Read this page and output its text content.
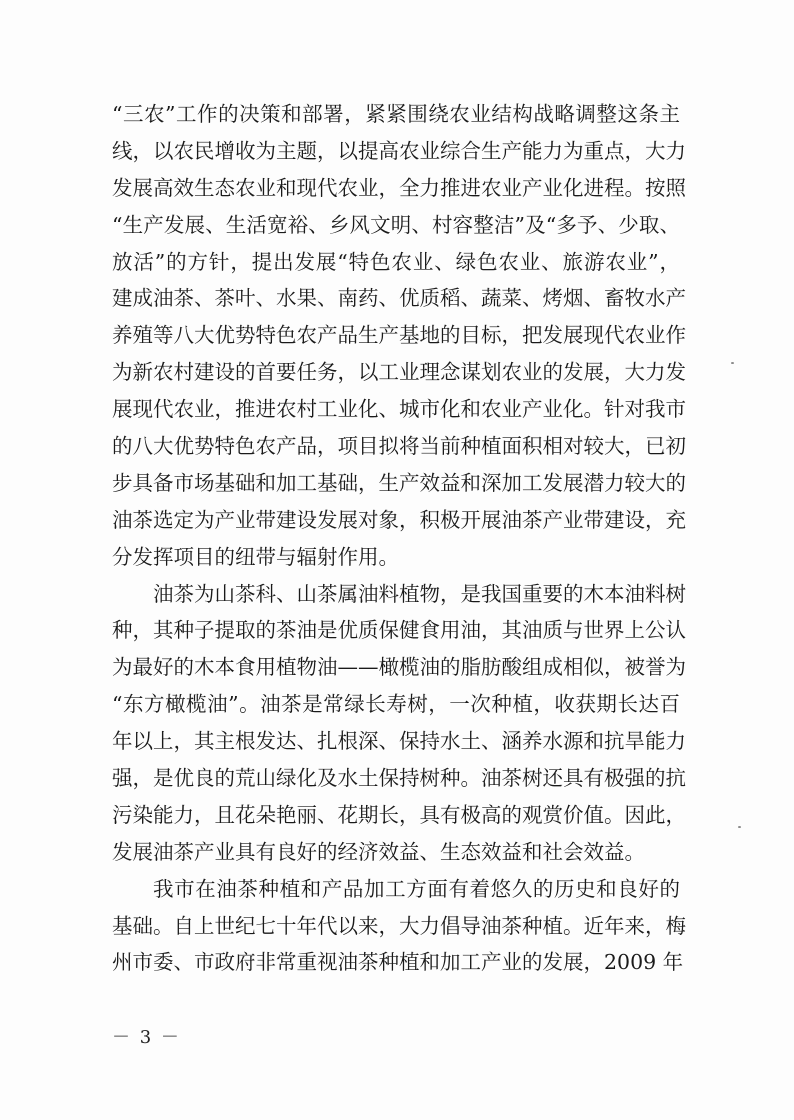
“三农”工作的决策和部署，紧紧围绕农业结构战略调整这条主
线，以农民增收为主题，以提高农业综合生产能力为重点，大力
发展高效生态农业和现代农业，全力推进农业产业化进程。按照
“生产发展、生活宽裕、乡风文明、村容整洁”及“多予、少取、
放活”的方针，提出发展“特色农业、绿色农业、旅游农业”，
建成油茶、茶叶、水果、南药、优质稻、蔬菜、烤烟、畜牧水产
养殖等八大优势特色农产品生产基地的目标，把发展现代农业作
为新农村建设的首要任务，以工业理念谋划农业的发展，大力发
展现代农业，推进农村工业化、城市化和农业产业化。针对我市
的八大优势特色农产品，项目拟将当前种植面积相对较大，已初
步具备市场基础和加工基础，生产效益和深加工发展潜力较大的
油茶选定为产业带建设发展对象，积极开展油茶产业带建设，充
分发挥项目的纽带与辐射作用。
油茶为山茶科、山茶属油料植物，是我国重要的木本油料树
种，其种子提取的茶油是优质保健食用油，其油质与世界上公认
为最好的木本食用植物油——橄榄油的脂肪酸组成相似，被誉为
“东方橄榄油”。油茶是常绿长寿树，一次种植，收获期长达百
年以上，其主根发达、扎根深、保持水土、涵养水源和抗旱能力
强，是优良的荒山绿化及水土保持树种。油茶树还具有极强的抗
污染能力，且花朵艳丽、花期长，具有极高的观赏价值。因此，
发展油茶产业具有良好的经济效益、生态效益和社会效益。
我市在油茶种植和产品加工方面有着悠久的历史和良好的
基础。自上世纪七十年代以来，大力倡导油茶种植。近年来，梅
州市委、市政府非常重视油茶种植和加工产业的发展，2009 年
－ 3 －
